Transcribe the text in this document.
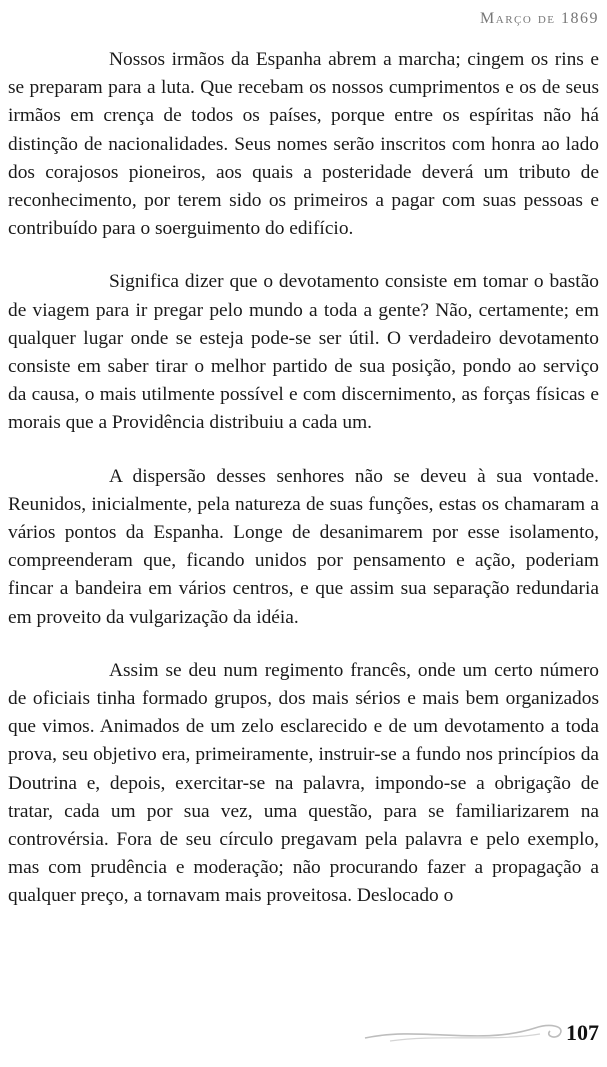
Março de 1869

Nossos irmãos da Espanha abrem a marcha; cingem os rins e se preparam para a luta. Que recebam os nossos cumprimentos e os de seus irmãos em crença de todos os países, porque entre os espíritas não há distinção de nacionalidades. Seus nomes serão inscritos com honra ao lado dos corajosos pioneiros, aos quais a posteridade deverá um tributo de reconhecimento, por terem sido os primeiros a pagar com suas pessoas e contribuído para o soerguimento do edifício.

Significa dizer que o devotamento consiste em tomar o bastão de viagem para ir pregar pelo mundo a toda a gente? Não, certamente; em qualquer lugar onde se esteja pode-se ser útil. O verdadeiro devotamento consiste em saber tirar o melhor partido de sua posição, pondo ao serviço da causa, o mais utilmente possível e com discernimento, as forças físicas e morais que a Providência distribuiu a cada um.

A dispersão desses senhores não se deveu à sua vontade. Reunidos, inicialmente, pela natureza de suas funções, estas os chamaram a vários pontos da Espanha. Longe de desanimarem por esse isolamento, compreenderam que, ficando unidos por pensamento e ação, poderiam fincar a bandeira em vários centros, e que assim sua separação redundaria em proveito da vulgarização da idéia.

Assim se deu num regimento francês, onde um certo número de oficiais tinha formado grupos, dos mais sérios e mais bem organizados que vimos. Animados de um zelo esclarecido e de um devotamento a toda prova, seu objetivo era, primeiramente, instruir-se a fundo nos princípios da Doutrina e, depois, exercitar-se na palavra, impondo-se a obrigação de tratar, cada um por sua vez, uma questão, para se familiarizarem na controvérsia. Fora de seu círculo pregavam pela palavra e pelo exemplo, mas com prudência e moderação; não procurando fazer a propagação a qualquer preço, a tornavam mais proveitosa. Deslocado o

107
